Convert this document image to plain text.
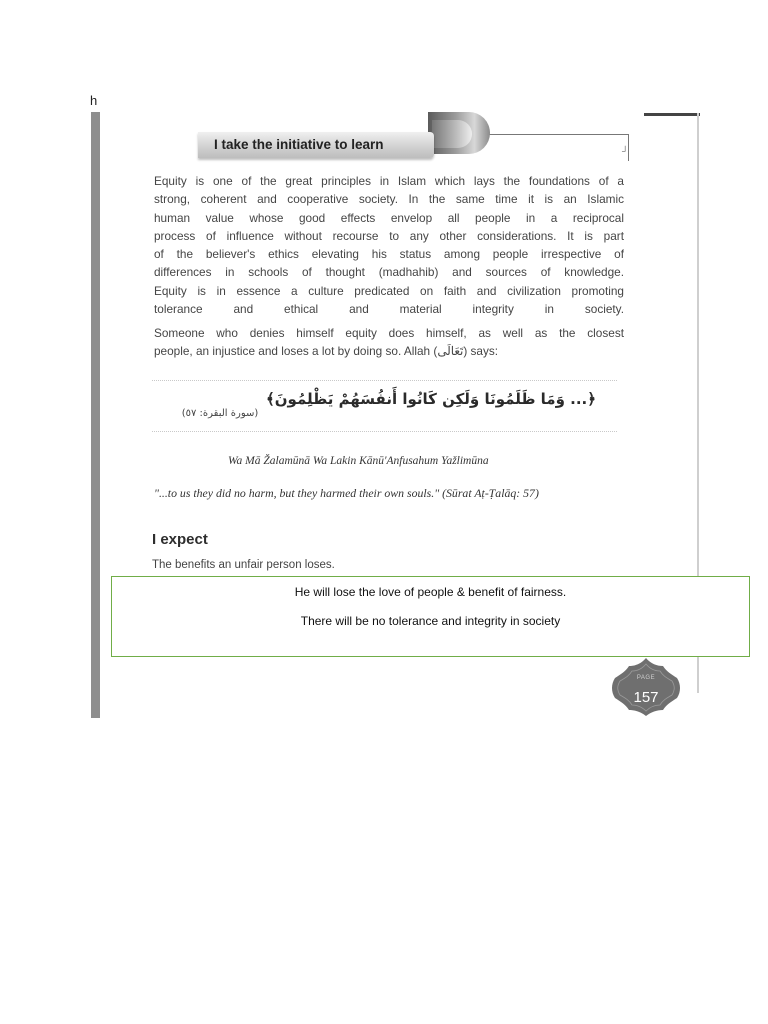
h
I take the initiative to learn	┘
Equity is one of the great principles in Islam which lays the foundations of a
strong, coherent and cooperative society. In the same time it is an Islamic
human value whose good effects envelop all people in a reciprocal
process of influence without recourse to any other considerations. It is part
of the believer's ethics elevating his status among people irrespective of
differences in schools of thought (madhahib) and sources of knowledge.
Equity is in essence a culture predicated on faith and civilization promoting
tolerance and ethical and material integrity in society.
Someone who denies himself equity does himself, as well as the closest
people, an injustice and loses a lot by doing so. Allah (تَعَالَى) says:
﴿... وَمَا ظَلَمُونَا وَلَكِن كَانُوا أَنفُسَهُمْ يَظْلِمُونَ﴾
(سورة البقرة: ٥٧)
Wa Mā Žalamūnā Wa Lakin Kānū'Anfusahum Yažlimūna
"...to us they did no harm, but they harmed their own souls." (Sūrat Aṭ-Ṭalāq: 57)
I expect
The benefits an unfair person loses.
He will lose the love of people & benefit of fairness.
There will be no tolerance and integrity in society
PAGE
157
